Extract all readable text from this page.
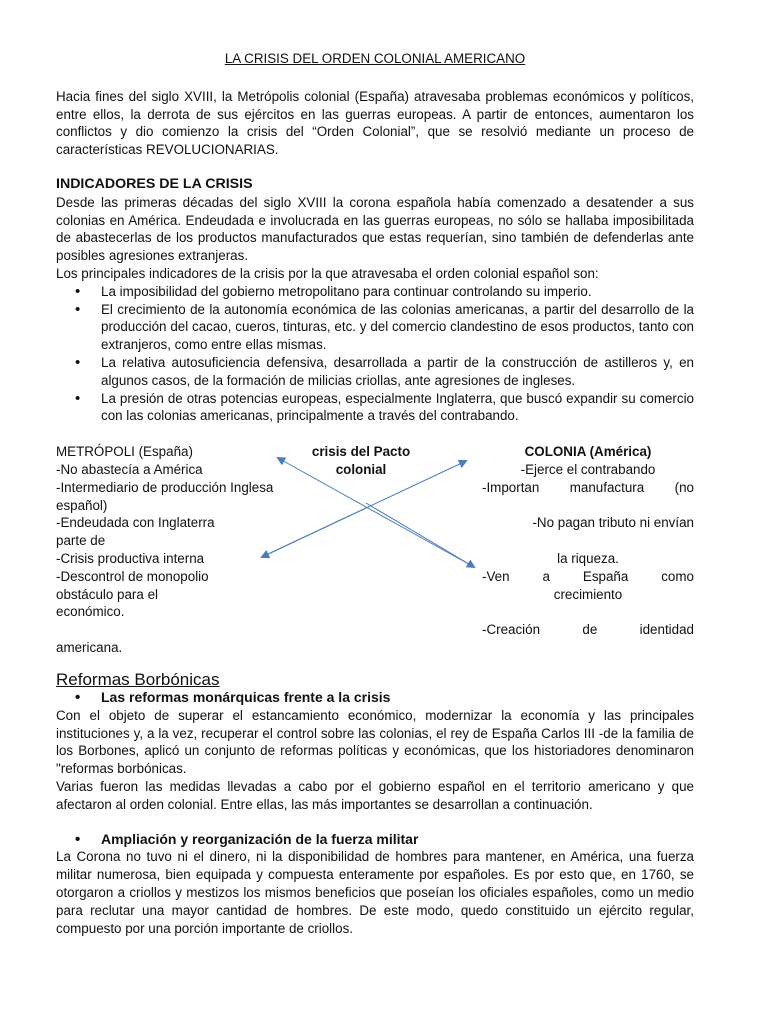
LA CRISIS DEL ORDEN COLONIAL AMERICANO

Hacia fines del siglo XVIII, la Metrópolis colonial (España) atravesaba problemas económicos y políticos, entre ellos, la derrota de sus ejércitos en las guerras europeas. A partir de entonces, aumentaron los conflictos y dio comienzo la crisis del “Orden Colonial”, que se resolvió mediante un proceso de características REVOLUCIONARIAS.

INDICADORES DE LA CRISIS

Desde las primeras décadas del siglo XVIII la corona española había comenzado a desatender a sus colonias en América. Endeudada e involucrada en las guerras europeas, no sólo se hallaba imposibilitada de abastecerlas de los productos manufacturados que estas requerían, sino también de defenderlas ante posibles agresiones extranjeras.

Los principales indicadores de la crisis por la que atravesaba el orden colonial español son:

• La imposibilidad del gobierno metropolitano para continuar controlando su imperio.
• El crecimiento de la autonomía económica de las colonias americanas, a partir del desarrollo de la producción del cacao, cueros, tinturas, etc. y del comercio clandestino de esos productos, tanto con extranjeros, como entre ellas mismas.
• La relativa autosuficiencia defensiva, desarrollada a partir de la construcción de astilleros y, en algunos casos, de la formación de milicias criollas, ante agresiones de ingleses.
• La presión de otras potencias europeas, especialmente Inglaterra, que buscó expandir su comercio con las colonias americanas, principalmente a través del contrabando.
METRÓPOLI (España)
-No abastecía a América
-Intermediario de producción Inglesa
-Endeudada con Inglaterra
-Crisis productiva interna
-Descontrol de monopolio
crisis del Pacto
colonial
COLONIA (América)
-Ejerce el contrabando
-Importan manufactura (no
-No pagan tributo ni envían
la riqueza.
-Ven a España como
crecimiento
-Creación de identidad
español)
parte de
obstáculo para el
económico.
americana.

Reformas Borbónicas

• Las reformas monárquicas frente a la crisis

Con el objeto de superar el estancamiento económico, modernizar la economía y las principales instituciones y, a la vez, recuperar el control sobre las colonias, el rey de España Carlos III -de la familia de los Borbones, aplicó un conjunto de reformas políticas y económicas, que los historiadores denominaron "reformas borbónicas.

Varias fueron las medidas llevadas a cabo por el gobierno español en el territorio americano y que afectaron al orden colonial. Entre ellas, las más importantes se desarrollan a continuación.

• Ampliación y reorganización de la fuerza militar

La Corona no tuvo ni el dinero, ni la disponibilidad de hombres para mantener, en América, una fuerza militar numerosa, bien equipada y compuesta enteramente por españoles. Es por esto que, en 1760, se otorgaron a criollos y mestizos los mismos beneficios que poseían los oficiales españoles, como un medio para reclutar una mayor cantidad de hombres. De este modo, quedo constituido un ejército regular, compuesto por una porción importante de criollos.
